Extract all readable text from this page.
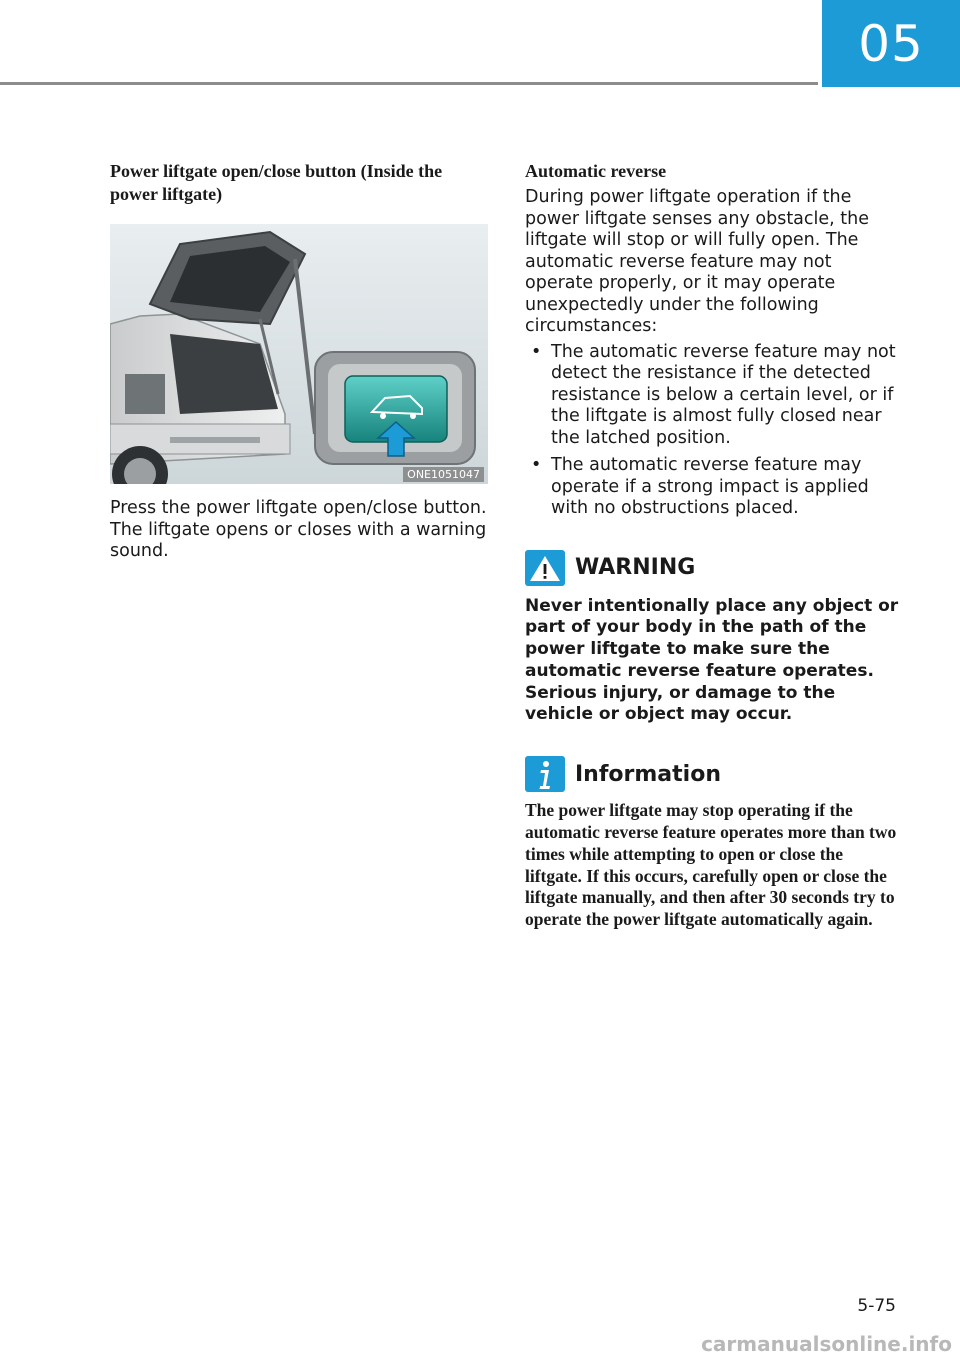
05

Power liftgate open/close button (Inside the power liftgate)

ONE1051047

Press the power liftgate open/close button. The liftgate opens or closes with a warning sound.

Automatic reverse

During power liftgate operation if the power liftgate senses any obstacle, the liftgate will stop or will fully open. The automatic reverse feature may not operate properly, or it may operate unexpectedly under the following circumstances:

• The automatic reverse feature may not detect the resistance if the detected resistance is below a certain level, or if the liftgate is almost fully closed near the latched position.
• The automatic reverse feature may operate if a strong impact is applied with no obstructions placed.
WARNING

Never intentionally place any object or part of your body in the path of the power liftgate to make sure the automatic reverse feature operates. Serious injury, or damage to the vehicle or object may occur.

Information

The power liftgate may stop operating if the automatic reverse feature operates more than two times while attempting to open or close the liftgate. If this occurs, carefully open or close the liftgate manually, and then after 30 seconds try to operate the power liftgate automatically again.

5-75
carmanualsonline.info
